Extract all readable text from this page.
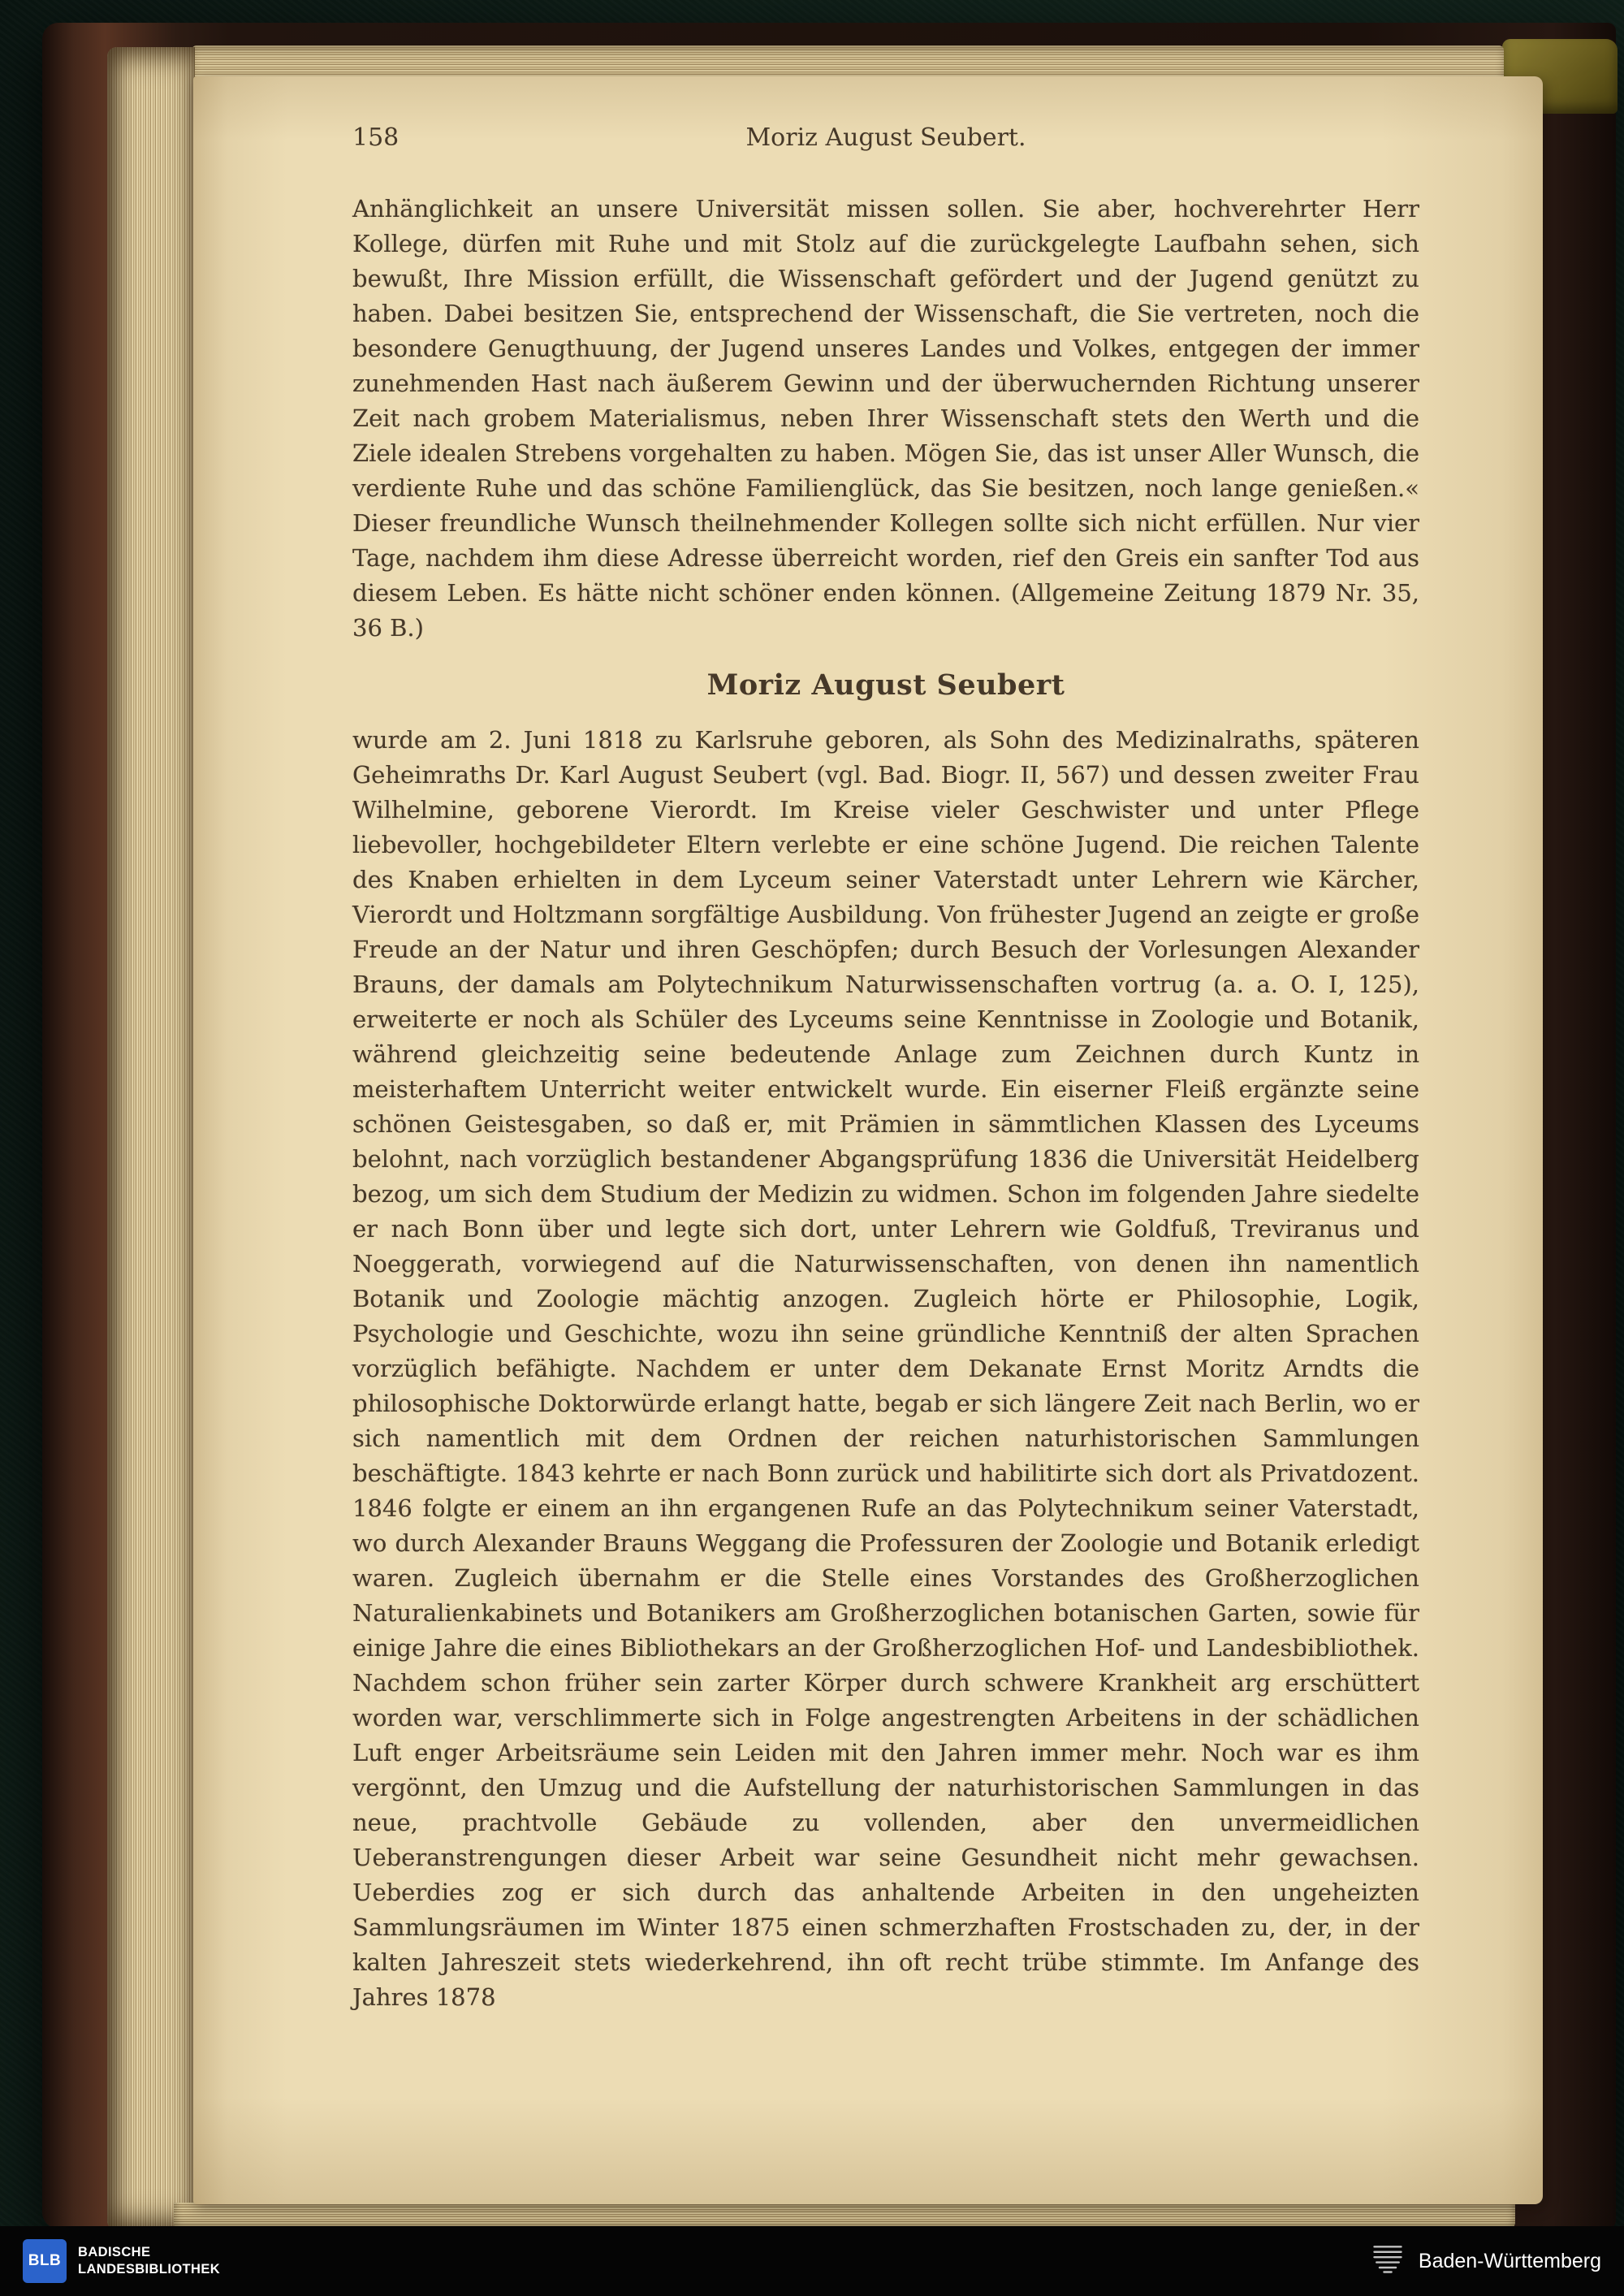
158	Moriz August Seubert.

Anhänglichkeit an unsere Universität missen sollen. Sie aber, hochverehrter Herr Kollege, dürfen mit Ruhe und mit Stolz auf die zurückgelegte Laufbahn sehen, sich bewußt, Ihre Mission erfüllt, die Wissenschaft gefördert und der Jugend genützt zu haben. Dabei besitzen Sie, entsprechend der Wissenschaft, die Sie vertreten, noch die besondere Genugthuung, der Jugend unseres Landes und Volkes, entgegen der immer zunehmenden Hast nach äußerem Gewinn und der überwuchernden Richtung unserer Zeit nach grobem Materialismus, neben Ihrer Wissenschaft stets den Werth und die Ziele idealen Strebens vorgehalten zu haben. Mögen Sie, das ist unser Aller Wunsch, die verdiente Ruhe und das schöne Familienglück, das Sie besitzen, noch lange genießen.« Dieser freundliche Wunsch theilnehmender Kollegen sollte sich nicht erfüllen. Nur vier Tage, nachdem ihm diese Adresse überreicht worden, rief den Greis ein sanfter Tod aus diesem Leben. Es hätte nicht schöner enden können. (Allgemeine Zeitung 1879 Nr. 35, 36 B.)

Moriz August Seubert

wurde am 2. Juni 1818 zu Karlsruhe geboren, als Sohn des Medizinalraths, späteren Geheimraths Dr. Karl August Seubert (vgl. Bad. Biogr. II, 567) und dessen zweiter Frau Wilhelmine, geborene Vierordt. Im Kreise vieler Geschwister und unter Pflege liebevoller, hochgebildeter Eltern verlebte er eine schöne Jugend. Die reichen Talente des Knaben erhielten in dem Lyceum seiner Vaterstadt unter Lehrern wie Kärcher, Vierordt und Holtzmann sorgfältige Ausbildung. Von frühester Jugend an zeigte er große Freude an der Natur und ihren Geschöpfen; durch Besuch der Vorlesungen Alexander Brauns, der damals am Polytechnikum Naturwissenschaften vortrug (a. a. O. I, 125), erweiterte er noch als Schüler des Lyceums seine Kenntnisse in Zoologie und Botanik, während gleichzeitig seine bedeutende Anlage zum Zeichnen durch Kuntz in meisterhaftem Unterricht weiter entwickelt wurde. Ein eiserner Fleiß ergänzte seine schönen Geistesgaben, so daß er, mit Prämien in sämmtlichen Klassen des Lyceums belohnt, nach vorzüglich bestandener Abgangsprüfung 1836 die Universität Heidelberg bezog, um sich dem Studium der Medizin zu widmen. Schon im folgenden Jahre siedelte er nach Bonn über und legte sich dort, unter Lehrern wie Goldfuß, Treviranus und Noeggerath, vorwiegend auf die Naturwissenschaften, von denen ihn namentlich Botanik und Zoologie mächtig anzogen. Zugleich hörte er Philosophie, Logik, Psychologie und Geschichte, wozu ihn seine gründliche Kenntniß der alten Sprachen vorzüglich befähigte. Nachdem er unter dem Dekanate Ernst Moritz Arndts die philosophische Doktorwürde erlangt hatte, begab er sich längere Zeit nach Berlin, wo er sich namentlich mit dem Ordnen der reichen naturhistorischen Sammlungen beschäftigte. 1843 kehrte er nach Bonn zurück und habilitirte sich dort als Privatdozent. 1846 folgte er einem an ihn ergangenen Rufe an das Polytechnikum seiner Vaterstadt, wo durch Alexander Brauns Weggang die Professuren der Zoologie und Botanik erledigt waren. Zugleich übernahm er die Stelle eines Vorstandes des Großherzoglichen Naturalienkabinets und Botanikers am Großherzoglichen botanischen Garten, sowie für einige Jahre die eines Bibliothekars an der Großherzoglichen Hof- und Landesbibliothek. Nachdem schon früher sein zarter Körper durch schwere Krankheit arg erschüttert worden war, verschlimmerte sich in Folge angestrengten Arbeitens in der schädlichen Luft enger Arbeitsräume sein Leiden mit den Jahren immer mehr. Noch war es ihm vergönnt, den Umzug und die Aufstellung der naturhistorischen Sammlungen in das neue, prachtvolle Gebäude zu vollenden, aber den unvermeidlichen Ueberanstrengungen dieser Arbeit war seine Gesundheit nicht mehr gewachsen. Ueberdies zog er sich durch das anhaltende Arbeiten in den ungeheizten Sammlungsräumen im Winter 1875 einen schmerzhaften Frostschaden zu, der, in der kalten Jahreszeit stets wiederkehrend, ihn oft recht trübe stimmte. Im Anfange des Jahres 1878

BLB	BADISCHE
LANDESBIBLIOTHEK	Baden-Württemberg
